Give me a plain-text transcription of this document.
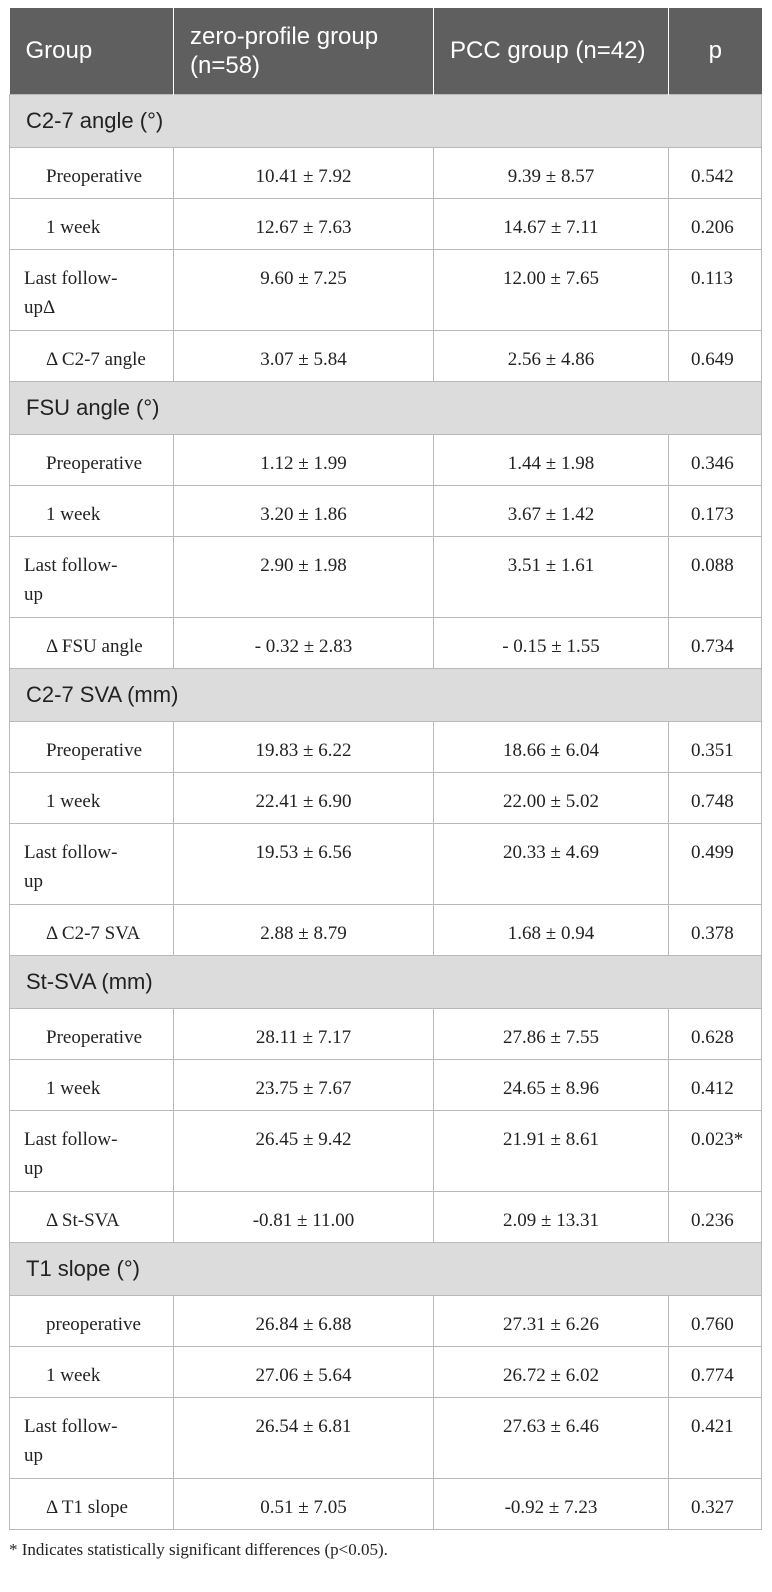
Group	zero-profile group (n=58)	PCC group (n=42)	p
C2-7 angle (°)			
Preoperative	10.41 ± 7.92	9.39 ± 8.57	0.542
1 week	12.67 ± 7.63	14.67 ± 7.11	0.206
Last follow-upΔ	9.60 ± 7.25	12.00 ± 7.65	0.113
Δ C2-7 angle	3.07 ± 5.84	2.56 ± 4.86	0.649
FSU angle (°)			
Preoperative	1.12 ± 1.99	1.44 ± 1.98	0.346
1 week	3.20 ± 1.86	3.67 ± 1.42	0.173
Last follow-up	2.90 ± 1.98	3.51 ± 1.61	0.088
Δ FSU angle	- 0.32 ± 2.83	- 0.15 ± 1.55	0.734
C2-7 SVA (mm)			
Preoperative	19.83 ± 6.22	18.66 ± 6.04	0.351
1 week	22.41 ± 6.90	22.00 ± 5.02	0.748
Last follow-up	19.53 ± 6.56	20.33 ± 4.69	0.499
Δ C2-7 SVA	2.88 ± 8.79	1.68 ± 0.94	0.378
St-SVA (mm)			
Preoperative	28.11 ± 7.17	27.86 ± 7.55	0.628
1 week	23.75 ± 7.67	24.65 ± 8.96	0.412
Last follow-up	26.45 ± 9.42	21.91 ± 8.61	0.023*
Δ St-SVA	-0.81 ± 11.00	2.09 ± 13.31	0.236
T1 slope (°)			
preoperative	26.84 ± 6.88	27.31 ± 6.26	0.760
1 week	27.06 ± 5.64	26.72 ± 6.02	0.774
Last follow-up	26.54 ± 6.81	27.63 ± 6.46	0.421
Δ T1 slope	0.51 ± 7.05	-0.92 ± 7.23	0.327
* Indicates statistically significant differences (p<0.05).
